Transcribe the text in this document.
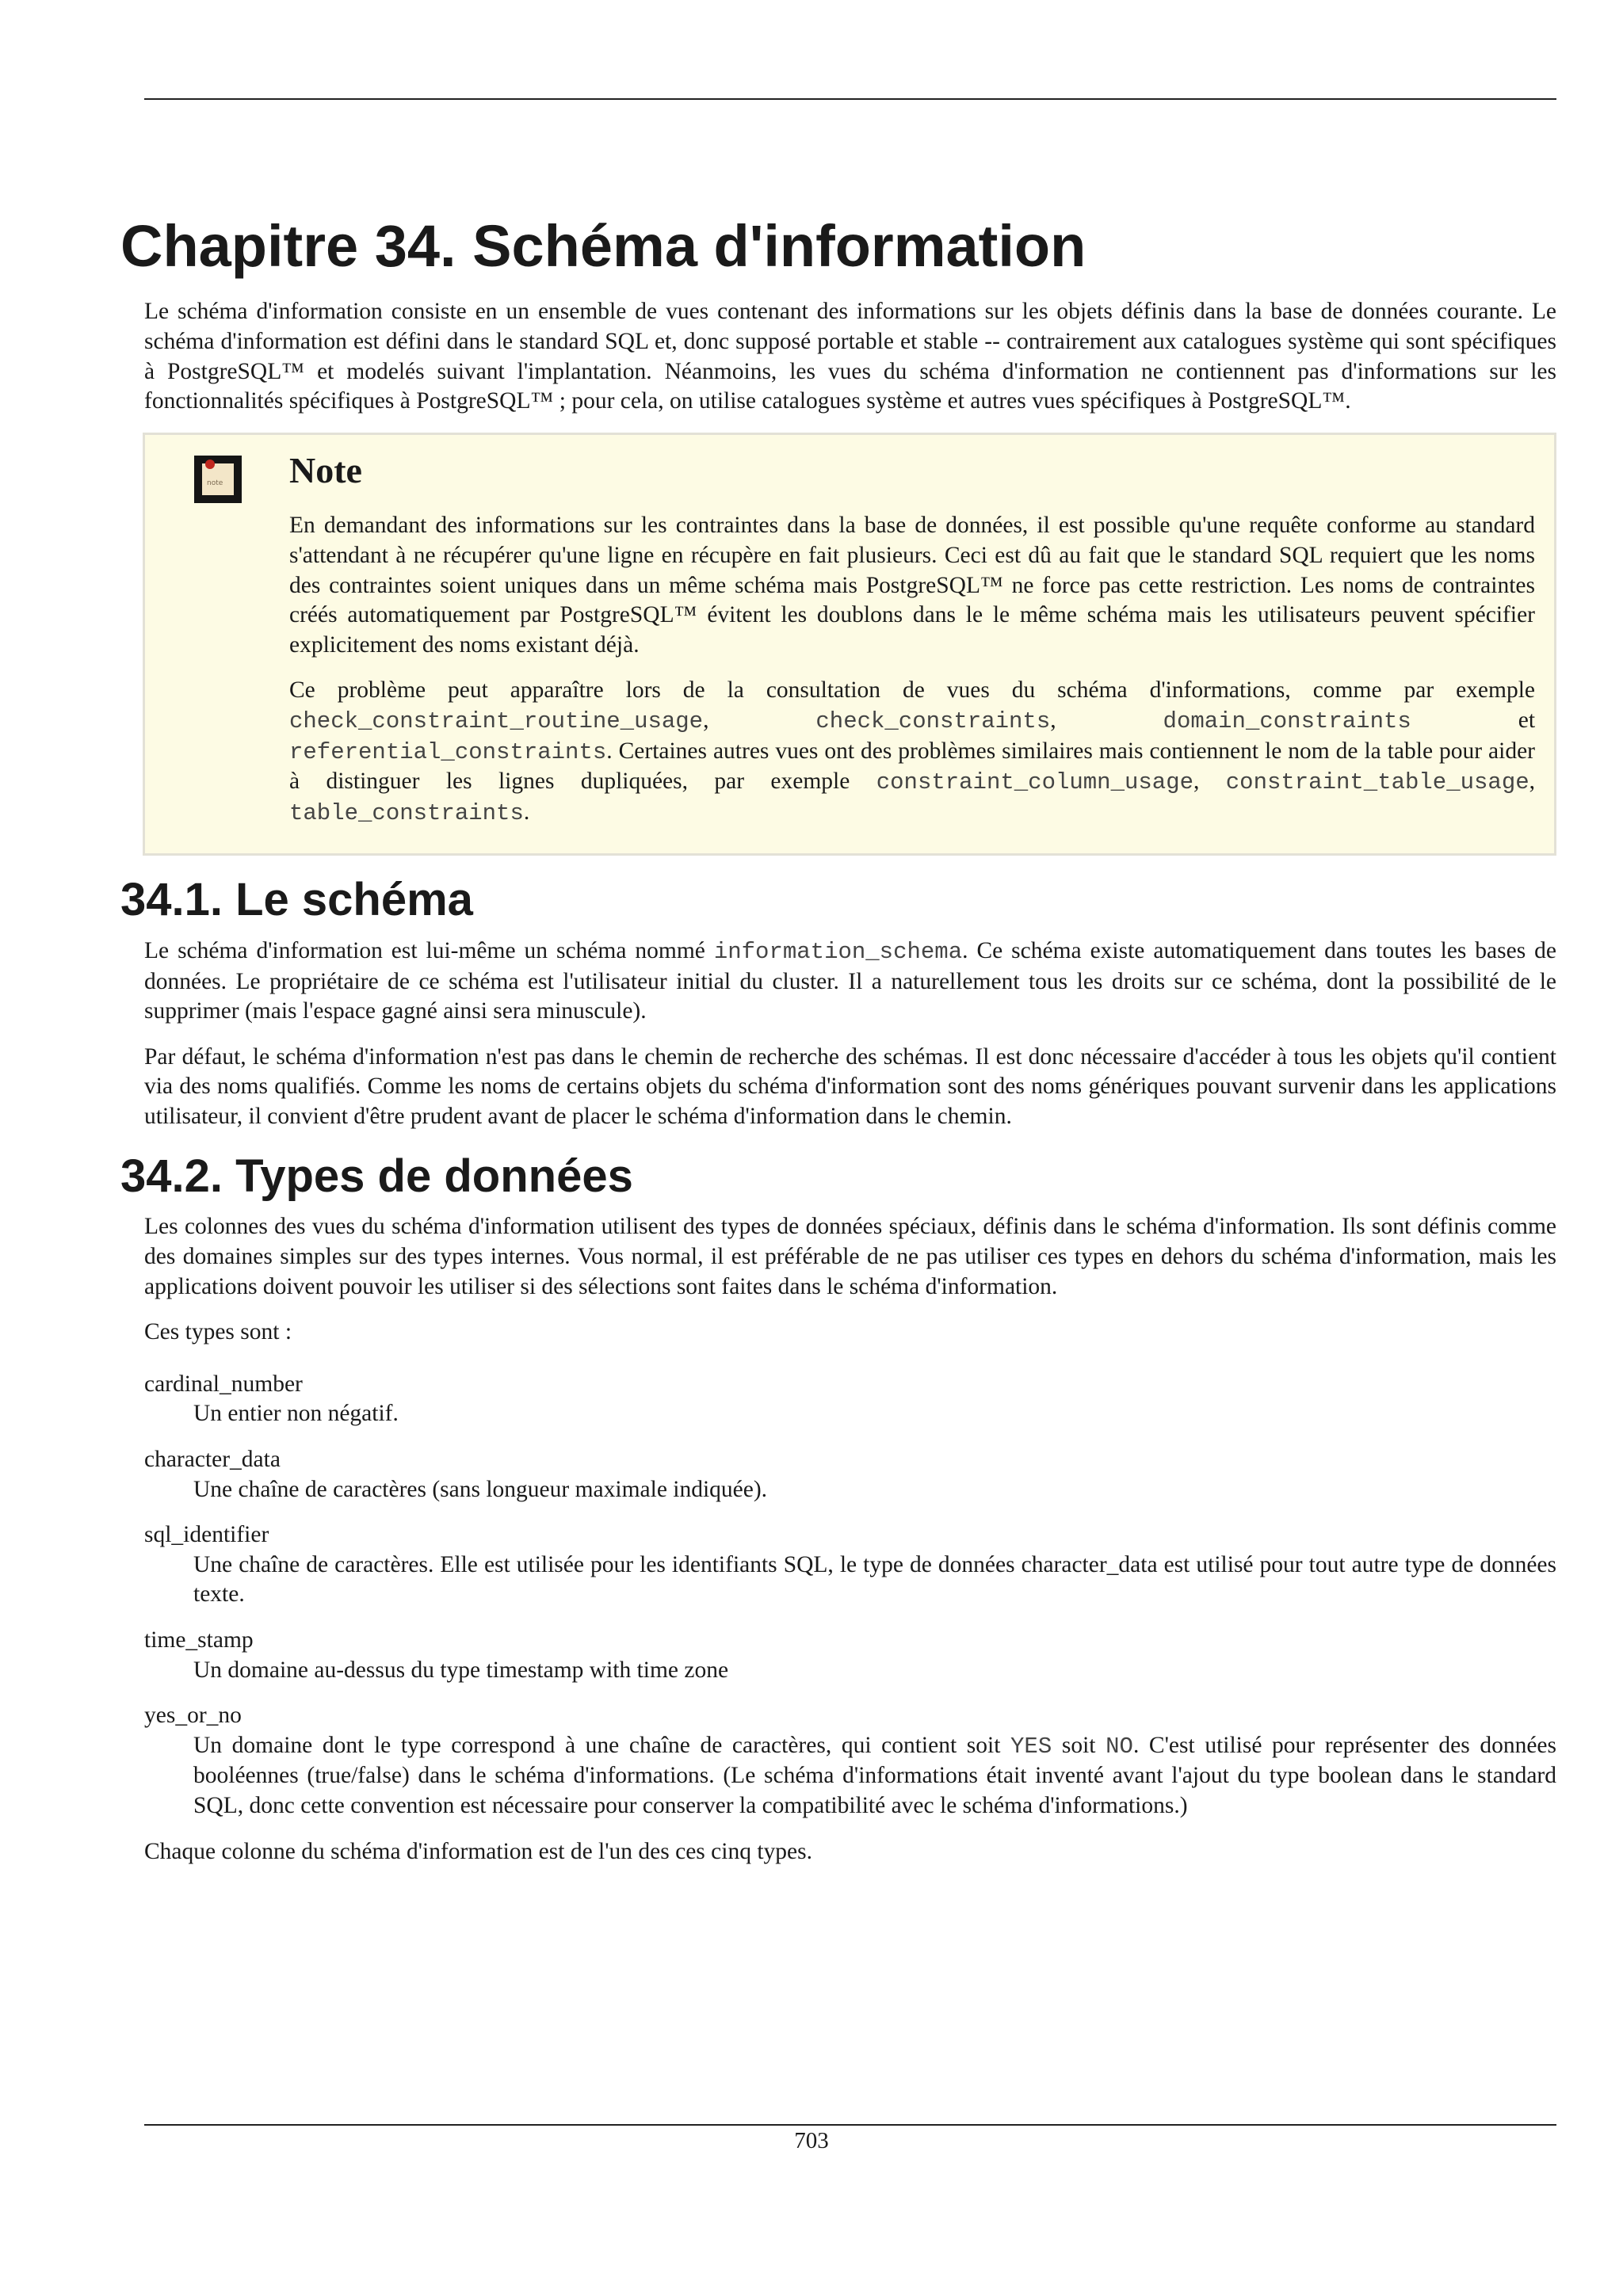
Chapitre 34. Schéma d'information

Le schéma d'information consiste en un ensemble de vues contenant des informations sur les objets définis dans la base de données courante. Le schéma d'information est défini dans le standard SQL et, donc supposé portable et stable -- contrairement aux catalogues système qui sont spécifiques à PostgreSQL™ et modelés suivant l'implantation. Néanmoins, les vues du schéma d'information ne contiennent pas d'informations sur les fonctionnalités spécifiques à PostgreSQL™ ; pour cela, on utilise catalogues système et autres vues spécifiques à PostgreSQL™.

note Note

En demandant des informations sur les contraintes dans la base de données, il est possible qu'une requête conforme au standard s'attendant à ne récupérer qu'une ligne en récupère en fait plusieurs. Ceci est dû au fait que le standard SQL requiert que les noms des contraintes soient uniques dans un même schéma mais PostgreSQL™ ne force pas cette restriction. Les noms de contraintes créés automatiquement par PostgreSQL™ évitent les doublons dans le le même schéma mais les utilisateurs peuvent spécifier explicitement des noms existant déjà.

Ce problème peut apparaître lors de la consultation de vues du schéma d'informations, comme par exemple check_constraint_routine_usage, check_constraints, domain_constraints et referential_constraints. Certaines autres vues ont des problèmes similaires mais contiennent le nom de la table pour aider à distinguer les lignes dupliquées, par exemple constraint_column_usage, constraint_table_usage, table_constraints.

34.1. Le schéma

Le schéma d'information est lui-même un schéma nommé information_schema. Ce schéma existe automatiquement dans toutes les bases de données. Le propriétaire de ce schéma est l'utilisateur initial du cluster. Il a naturellement tous les droits sur ce schéma, dont la possibilité de le supprimer (mais l'espace gagné ainsi sera minuscule).

Par défaut, le schéma d'information n'est pas dans le chemin de recherche des schémas. Il est donc nécessaire d'accéder à tous les objets qu'il contient via des noms qualifiés. Comme les noms de certains objets du schéma d'information sont des noms génériques pouvant survenir dans les applications utilisateur, il convient d'être prudent avant de placer le schéma d'information dans le chemin.

34.2. Types de données

Les colonnes des vues du schéma d'information utilisent des types de données spéciaux, définis dans le schéma d'information. Ils sont définis comme des domaines simples sur des types internes. Vous normal, il est préférable de ne pas utiliser ces types en dehors du schéma d'information, mais les applications doivent pouvoir les utiliser si des sélections sont faites dans le schéma d'information.

Ces types sont :

cardinal_number
Un entier non négatif.
character_data
Une chaîne de caractères (sans longueur maximale indiquée).
sql_identifier
Une chaîne de caractères. Elle est utilisée pour les identifiants SQL, le type de données character_data est utilisé pour tout autre type de données texte.
time_stamp
Un domaine au-dessus du type timestamp with time zone
yes_or_no
Un domaine dont le type correspond à une chaîne de caractères, qui contient soit YES soit NO. C'est utilisé pour représenter des données booléennes (true/false) dans le schéma d'informations. (Le schéma d'informations était inventé avant l'ajout du type boolean dans le standard SQL, donc cette convention est nécessaire pour conserver la compatibilité avec le schéma d'informations.)

Chaque colonne du schéma d'information est de l'un des ces cinq types.

703
